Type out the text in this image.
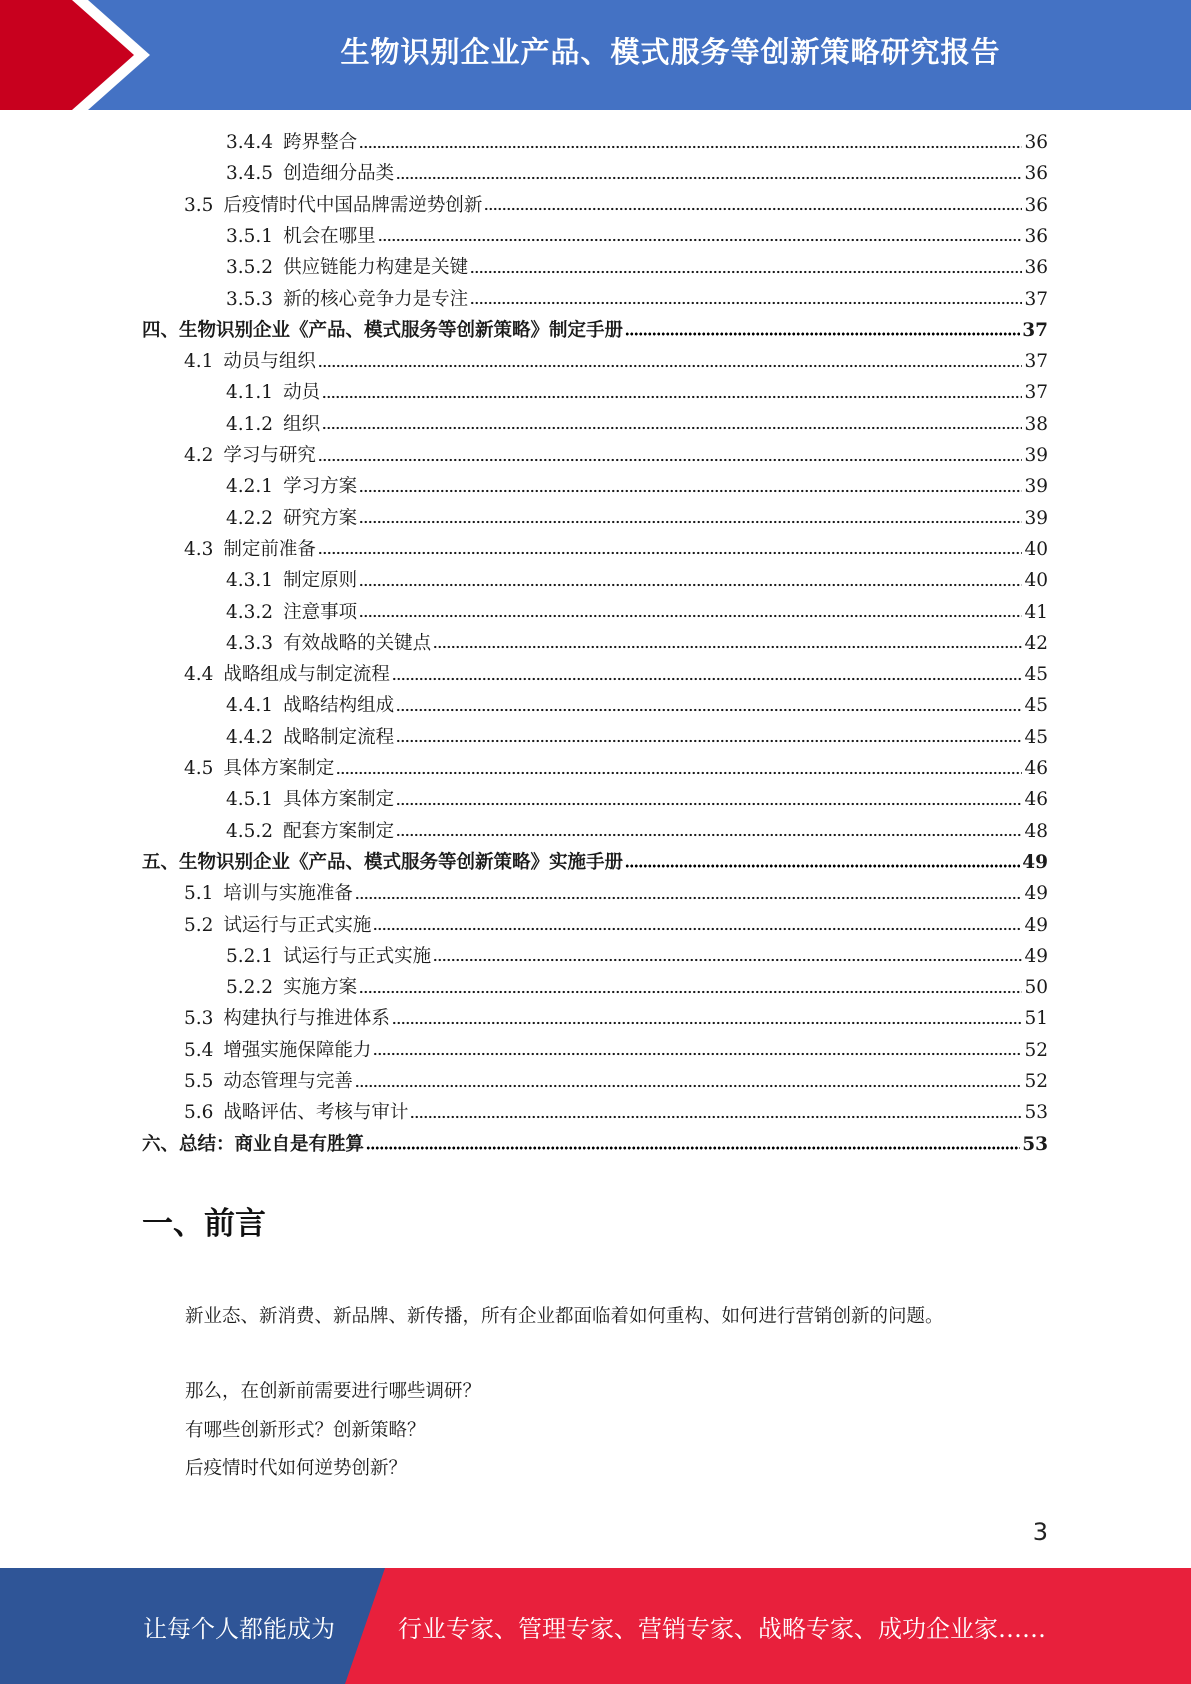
生物识别企业产品、模式服务等创新策略研究报告
3.4.4 跨界整合	36
3.4.5 创造细分品类	36
3.5 后疫情时代中国品牌需逆势创新	36
3.5.1 机会在哪里	36
3.5.2 供应链能力构建是关键	36
3.5.3 新的核心竞争力是专注	37
四、 生物识别企业《产品、模式服务等创新策略》制定手册	37
4.1 动员与组织	37
4.1.1 动员	37
4.1.2 组织	38
4.2 学习与研究	39
4.2.1 学习方案	39
4.2.2 研究方案	39
4.3 制定前准备	40
4.3.1 制定原则	40
4.3.2 注意事项	41
4.3.3 有效战略的关键点	42
4.4 战略组成与制定流程	45
4.4.1 战略结构组成	45
4.4.2 战略制定流程	45
4.5 具体方案制定	46
4.5.1 具体方案制定	46
4.5.2 配套方案制定	48
五、 生物识别企业《产品、模式服务等创新策略》实施手册	49
5.1 培训与实施准备	49
5.2 试运行与正式实施	49
5.2.1 试运行与正式实施	49
5.2.2 实施方案	50
5.3 构建执行与推进体系	51
5.4 增强实施保障能力	52
5.5 动态管理与完善	52
5.6 战略评估、考核与审计	53
六、 总结：商业自是有胜算	53
一、前言

新业态、新消费、新品牌、新传播，所有企业都面临着如何重构、如何进行营销创新的问题。

那么，在创新前需要进行哪些调研？

有哪些创新形式？创新策略？

后疫情时代如何逆势创新？

3
让每个人都能成为	行业专家、管理专家、营销专家、战略专家、成功企业家……
